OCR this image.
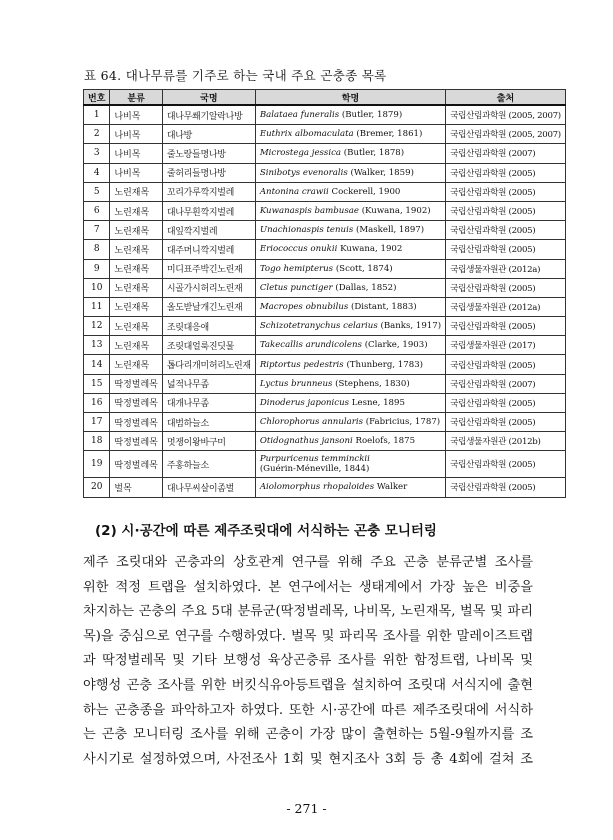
표 64. 대나무류를 기주로 하는 국내 주요 곤충종 목록
번호	분류	국명	학명	출처
1	나비목	대나무쐐기알락나방	Balataea funeralis (Butler, 1879)	국립산림과학원 (2005, 2007)
2	나비목	대나방	Euthrix albomaculata (Bremer, 1861)	국립산림과학원 (2005, 2007)
3	나비목	줄노랑들명나방	Microstega jessica (Butler, 1878)	국립산림과학원 (2007)
4	나비목	줄허리들명나방	Sinibotys evenoralis (Walker, 1859)	국립산림과학원 (2005)
5	노린재목	꼬리가루깍지벌레	Antonina crawii Cockerell, 1900	국립산림과학원 (2005)
6	노린재목	대나무흰깍지벌레	Kuwanaspis bambusae (Kuwana, 1902)	국립산림과학원 (2005)
7	노린재목	대잎깍지벌레	Unachionaspis tenuis (Maskell, 1897)	국립산림과학원 (2005)
8	노린재목	대주머니깍지벌레	Eriococcus onukii Kuwana, 1902	국립산림과학원 (2005)
9	노린재목	미디표주박긴노린재	Togo hemipterus (Scott, 1874)	국립생물자원관 (2012a)
10	노린재목	시골가시허리노린재	Cletus punctiger (Dallas, 1852)	국립산림과학원 (2005)
11	노린재목	올도받날개긴노린재	Macropes obnubilus (Distant, 1883)	국립생물자원관 (2012a)
12	노린재목	조릿대응애	Schizotetranychus celarius (Banks, 1917)	국립산림과학원 (2005)
13	노린재목	조릿대얼룩진딧물	Takecallis arundicolens (Clarke, 1903)	국립생물자원관 (2017)
14	노린재목	톱다리개미허리노린재	Riptortus pedestris (Thunberg, 1783)	국립산림과학원 (2005)
15	딱정벌레목	넓적나무좀	Lyctus brunneus (Stephens, 1830)	국립산림과학원 (2007)
16	딱정벌레목	대개나무좀	Dinoderus japonicus Lesne, 1895	국립산림과학원 (2005)
17	딱정벌레목	대범하늘소	Chlorophorus annularis (Fabricius, 1787)	국립산림과학원 (2005)
18	딱정벌레목	멋쟁이왕바구미	Otidognathus jansoni Roelofs, 1875	국립생물자원관 (2012b)
19	딱정벌레목	주홍하늘소	Purpuricenus temminckii
(Guérin-Méneville, 1844)	국립산림과학원 (2005)
20	벌목	대나무씨살이좀벌	Aiolomorphus rhopaloides Walker	국립산림과학원 (2005)
(2) 시·공간에 따른 제주조릿대에 서식하는 곤충 모니터링
제주 조릿대와 곤충과의 상호관계 연구를 위해 주요 곤충 분류군별 조사를
위한 적정 트랩을 설치하였다. 본 연구에서는 생태계에서 가장 높은 비중을
차지하는 곤충의 주요 5대 분류군(딱정벌레목, 나비목, 노린재목, 벌목 및 파리
목)을 중심으로 연구를 수행하였다. 벌목 및 파리목 조사를 위한 말레이즈트랩
과 딱정벌레목 및 기타 보행성 육상곤충류 조사를 위한 함정트랩, 나비목 및
야행성 곤충 조사를 위한 버킷식유아등트랩을 설치하여 조릿대 서식지에 출현
하는 곤충종을 파악하고자 하였다. 또한 시·공간에 따른 제주조릿대에 서식하
는 곤충 모니터링 조사를 위해 곤충이 가장 많이 출현하는 5월-9월까지를 조
사시기로 설정하였으며, 사전조사 1회 및 현지조사 3회 등 총 4회에 걸쳐 조
- 271 -
